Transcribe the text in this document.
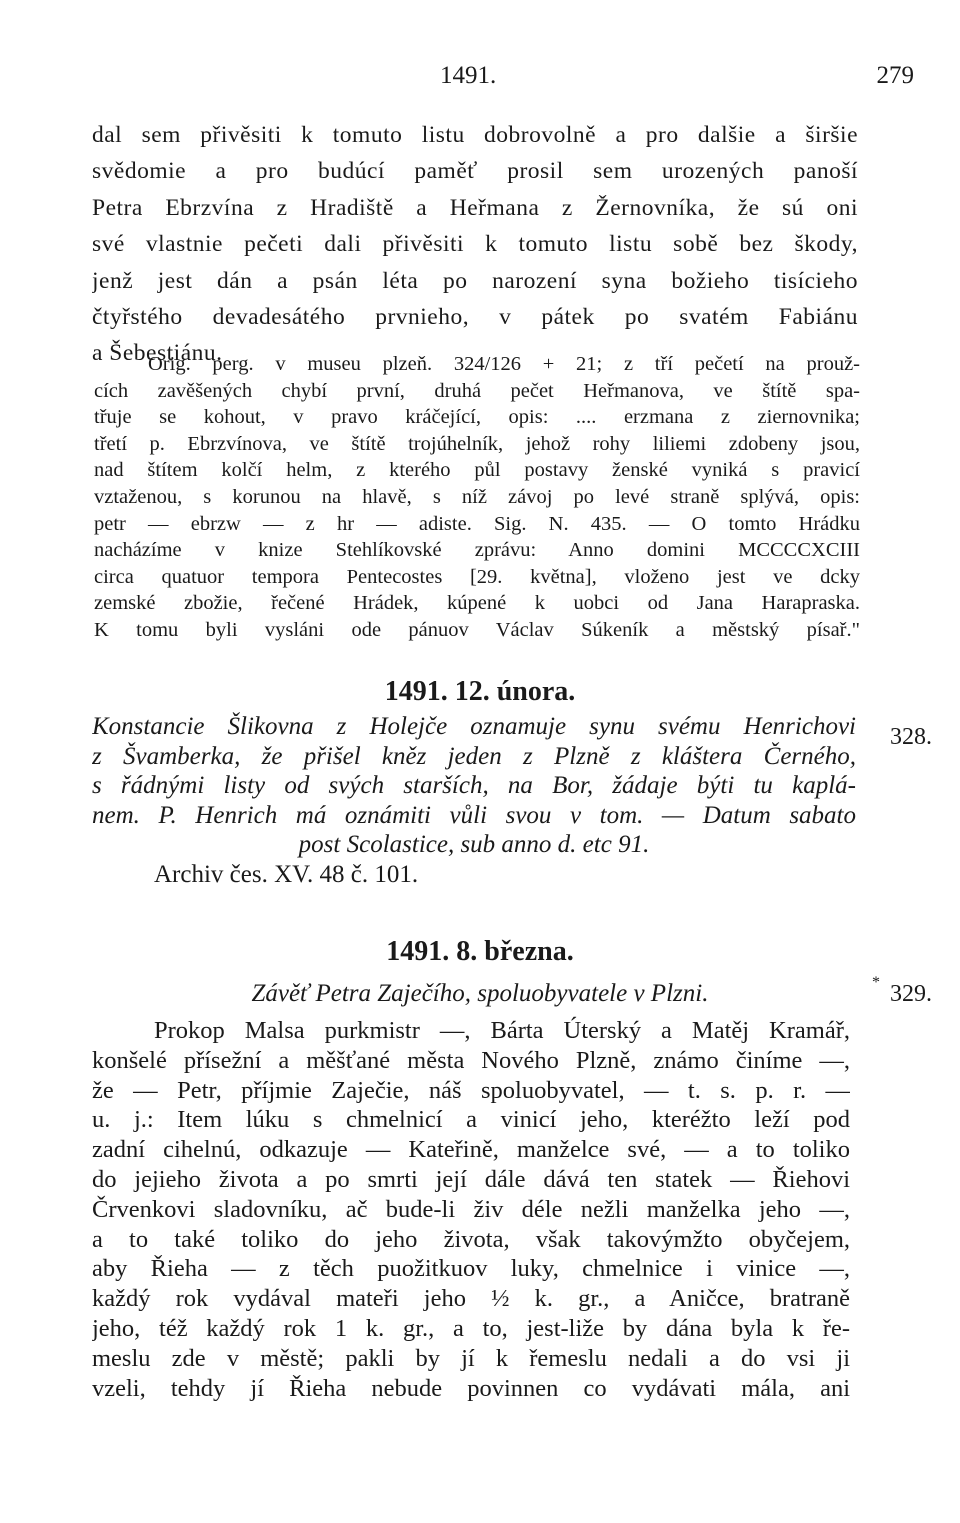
1491.	279
dal sem přivěsiti k tomuto listu dobrovolně a pro dalšie a širšie
svědomie a pro budúcí paměť prosil sem urozených panoší
Petra Ebrzvína z Hradiště a Heřmana z Žernovníka, že sú oni
své vlastnie pečeti dali přivěsiti k tomuto listu sobě bez škody,
jenž jest dán a psán léta po narození syna božieho tisícieho
čtyřstého devadesátého prvnieho, v pátek po svatém Fabiánu
a Šebestiánu.
Orig. perg. v museu plzeň. 324/126 + 21; z tří pečetí na prouž-
cích zavěšených chybí první, druhá pečet Heřmanova, ve štítě spa-
třuje se kohout, v pravo kráčející, opis: .... erzmana z ziernovnika;
třetí p. Ebrzvínova, ve štítě trojúhelník, jehož rohy liliemi zdobeny jsou,
nad štítem kolčí helm, z kterého půl postavy ženské vyniká s pravicí
vztaženou, s korunou na hlavě, s níž závoj po levé straně splývá, opis:
petr — ebrzw — z hr — adiste. Sig. N. 435. — O tomto Hrádku
nacházíme v knize Stehlíkovské zprávu: Anno domini MCCCCXCIII
circa quatuor tempora Pentecostes [29. května], vloženo jest ve dcky
zemské zbožie, řečené Hrádek, kúpené k uobci od Jana Harapraska.
K tomu byli vysláni ode pánuov Václav Súkeník a městský písař."
1491. 12. února.
328.
Konstancie Šlikovna z Holejče oznamuje synu svému Henrichovi
z Švamberka, že přišel kněz jeden z Plzně z kláštera Černého,
s řádnými listy od svých starších, na Bor, žádaje býti tu kaplá-
nem. P. Henrich má oznámiti vůli svou v tom. — Datum sabato
post Scolastice, sub anno d. etc 91.
Archiv čes. XV. 48 č. 101.
1491. 8. března.
Závěť Petra Zaječího, spoluobyvatele v Plzni.	* 329.
Prokop Malsa purkmistr —, Bárta Úterský a Matěj Kramář,
konšelé přísežní a měšťané města Nového Plzně, známo činíme —,
že — Petr, příjmie Zaječie, náš spoluobyvatel, — t. s. p. r. —
u. j.: Item lúku s chmelnicí a vinicí jeho, kteréžto leží pod
zadní cihelnú, odkazuje — Kateřině, manželce své, — a to toliko
do jejieho života a po smrti její dále dává ten statek — Řiehovi
Črvenkovi sladovníku, ač bude-li živ déle nežli manželka jeho —,
a to také toliko do jeho života, však takovýmžto obyčejem,
aby Řieha — z těch puožitkuov luky, chmelnice i vinice —,
každý rok vydával mateři jeho ½ k. gr., a Aničce, bratraně
jeho, též každý rok 1 k. gr., a to, jest-liže by dána byla k ře-
meslu zde v městě; pakli by jí k řemeslu nedali a do vsi ji
vzeli, tehdy jí Řieha nebude povinnen co vydávati mála, ani
